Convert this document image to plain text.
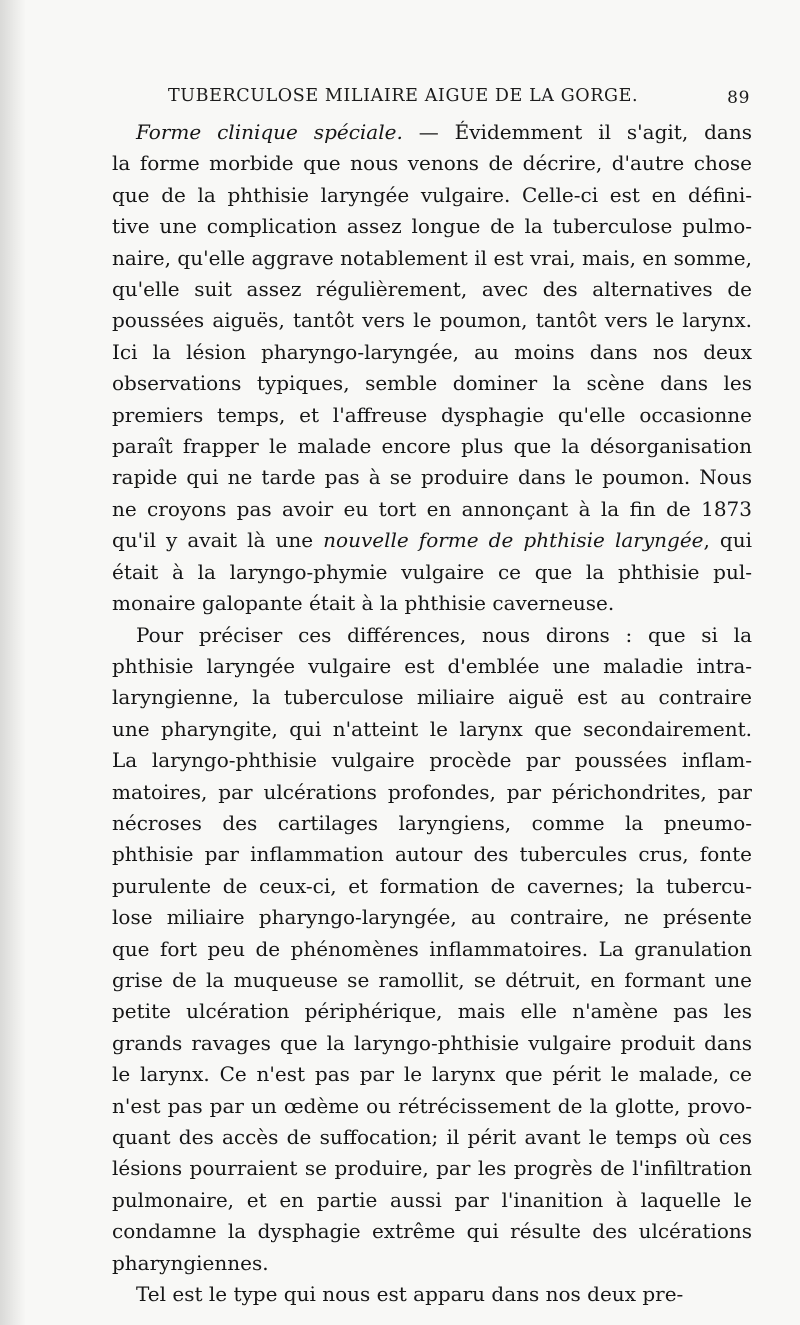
TUBERCULOSE MILIAIRE AIGUE DE LA GORGE.	89
Forme clinique spéciale. — Évidemment il s'agit, dans
la forme morbide que nous venons de décrire, d'autre chose
que de la phthisie laryngée vulgaire. Celle-ci est en défini-
tive une complication assez longue de la tuberculose pulmo-
naire, qu'elle aggrave notablement il est vrai, mais, en somme,
qu'elle suit assez régulièrement, avec des alternatives de
poussées aiguës, tantôt vers le poumon, tantôt vers le larynx.
Ici la lésion pharyngo-laryngée, au moins dans nos deux
observations typiques, semble dominer la scène dans les
premiers temps, et l'affreuse dysphagie qu'elle occasionne
paraît frapper le malade encore plus que la désorganisation
rapide qui ne tarde pas à se produire dans le poumon. Nous
ne croyons pas avoir eu tort en annonçant à la fin de 1873
qu'il y avait là une nouvelle forme de phthisie laryngée, qui
était à la laryngo-phymie vulgaire ce que la phthisie pul-
monaire galopante était à la phthisie caverneuse.
Pour préciser ces différences, nous dirons : que si la
phthisie laryngée vulgaire est d'emblée une maladie intra-
laryngienne, la tuberculose miliaire aiguë est au contraire
une pharyngite, qui n'atteint le larynx que secondairement.
La laryngo-phthisie vulgaire procède par poussées inflam-
matoires, par ulcérations profondes, par périchondrites, par
nécroses des cartilages laryngiens, comme la pneumo-
phthisie par inflammation autour des tubercules crus, fonte
purulente de ceux-ci, et formation de cavernes; la tubercu-
lose miliaire pharyngo-laryngée, au contraire, ne présente
que fort peu de phénomènes inflammatoires. La granulation
grise de la muqueuse se ramollit, se détruit, en formant une
petite ulcération périphérique, mais elle n'amène pas les
grands ravages que la laryngo-phthisie vulgaire produit dans
le larynx. Ce n'est pas par le larynx que périt le malade, ce
n'est pas par un œdème ou rétrécissement de la glotte, provo-
quant des accès de suffocation; il périt avant le temps où ces
lésions pourraient se produire, par les progrès de l'infiltration
pulmonaire, et en partie aussi par l'inanition à laquelle le
condamne la dysphagie extrême qui résulte des ulcérations
pharyngiennes.
Tel est le type qui nous est apparu dans nos deux pre-
